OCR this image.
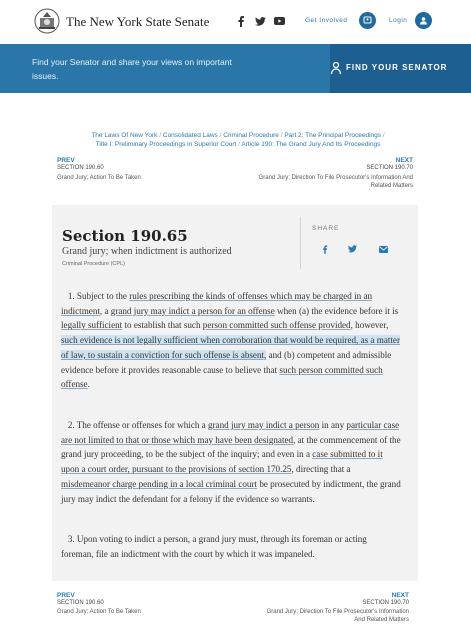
The New York State Senate	Get Involved	Login
Find your Senator and share your views on important issues.
FIND YOUR SENATOR
The Laws Of New York / Consolidated Laws / Criminal Procedure / Part 2: The Principal Proceedings /
Title I: Preliminary Proceedings in Superior Court / Article 190: The Grand Jury And Its Proceedings
PREV
SECTION 190.60
Grand Jury; Action To Be Taken
NEXT
SECTION 190.70
Grand Jury; Direction To File Prosecutor's Information And
Related Matters
Section 190.65
Grand jury; when indictment is authorized
Criminal Procedure (CPL)
SHARE

1. Subject to the rules prescribing the kinds of offenses which may be charged in an indictment, a grand jury may indict a person for an offense when (a) the evidence before it is legally sufficient to establish that such person committed such offense provided, however, such evidence is not legally sufficient when corroboration that would be required, as a matter of law, to sustain a conviction for such offense is absent, and (b) competent and admissible evidence before it provides reasonable cause to believe that such person committed such offense.

2. The offense or offenses for which a grand jury may indict a person in any particular case are not limited to that or those which may have been designated, at the commencement of the grand jury proceeding, to be the subject of the inquiry; and even in a case submitted to it upon a court order, pursuant to the provisions of section 170.25, directing that a misdemeanor charge pending in a local criminal court be prosecuted by indictment, the grand jury may indict the defendant for a felony if the evidence so warrants.

3. Upon voting to indict a person, a grand jury must, through its foreman or acting foreman, file an indictment with the court by which it was impaneled.

PREV
SECTION 190.60
Grand Jury; Action To Be Taken
NEXT
SECTION 190.70
Grand Jury; Direction To File Prosecutor's Information
And Related Matters
